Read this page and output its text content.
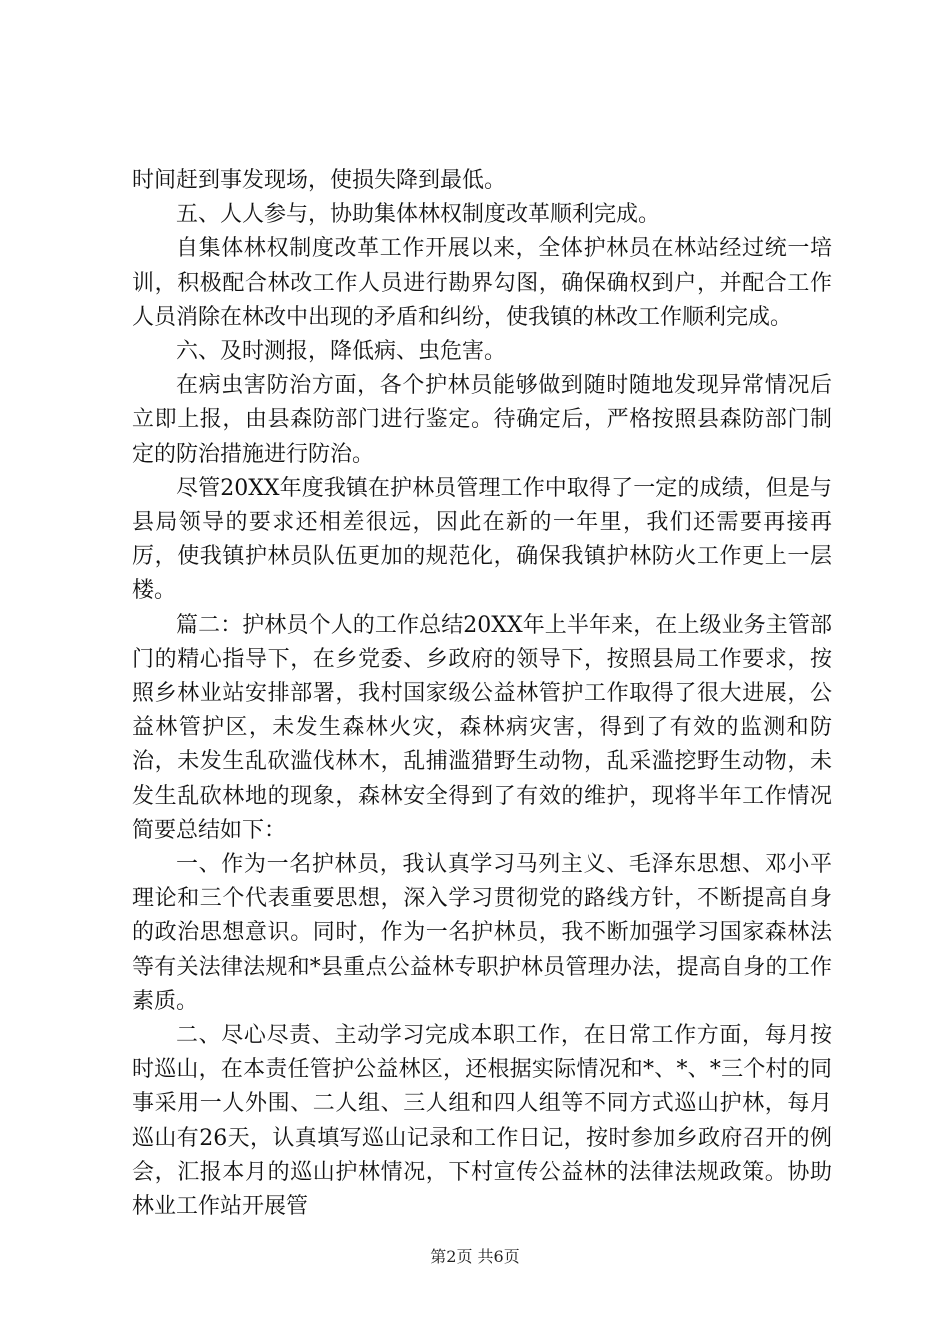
时间赶到事发现场，使损失降到最低。

五、人人参与，协助集体林权制度改革顺利完成。

自集体林权制度改革工作开展以来，全体护林员在林站经过统一培训，积极配合林改工作人员进行勘界勾图，确保确权到户，并配合工作人员消除在林改中出现的矛盾和纠纷，使我镇的林改工作顺利完成。

六、及时测报，降低病、虫危害。

在病虫害防治方面，各个护林员能够做到随时随地发现异常情况后立即上报，由县森防部门进行鉴定。待确定后，严格按照县森防部门制定的防治措施进行防治。

尽管20XX年度我镇在护林员管理工作中取得了一定的成绩，但是与县局领导的要求还相差很远，因此在新的一年里，我们还需要再接再厉，使我镇护林员队伍更加的规范化，确保我镇护林防火工作更上一层楼。

篇二：护林员个人的工作总结20XX年上半年来，在上级业务主管部门的精心指导下，在乡党委、乡政府的领导下，按照县局工作要求，按照乡林业站安排部署，我村国家级公益林管护工作取得了很大进展，公益林管护区，未发生森林火灾，森林病灾害，得到了有效的监测和防治，未发生乱砍滥伐林木，乱捕滥猎野生动物，乱采滥挖野生动物，未发生乱砍林地的现象，森林安全得到了有效的维护，现将半年工作情况简要总结如下：

一、作为一名护林员，我认真学习马列主义、毛泽东思想、邓小平理论和三个代表重要思想，深入学习贯彻党的路线方针，不断提高自身的政治思想意识。同时，作为一名护林员，我不断加强学习国家森林法等有关法律法规和*县重点公益林专职护林员管理办法，提高自身的工作素质。

二、尽心尽责、主动学习完成本职工作，在日常工作方面，每月按时巡山，在本责任管护公益林区，还根据实际情况和*、*、*三个村的同事采用一人外围、二人组、三人组和四人组等不同方式巡山护林，每月巡山有26天，认真填写巡山记录和工作日记，按时参加乡政府召开的例会，汇报本月的巡山护林情况，下村宣传公益林的法律法规政策。协助林业工作站开展管

第2页 共6页
